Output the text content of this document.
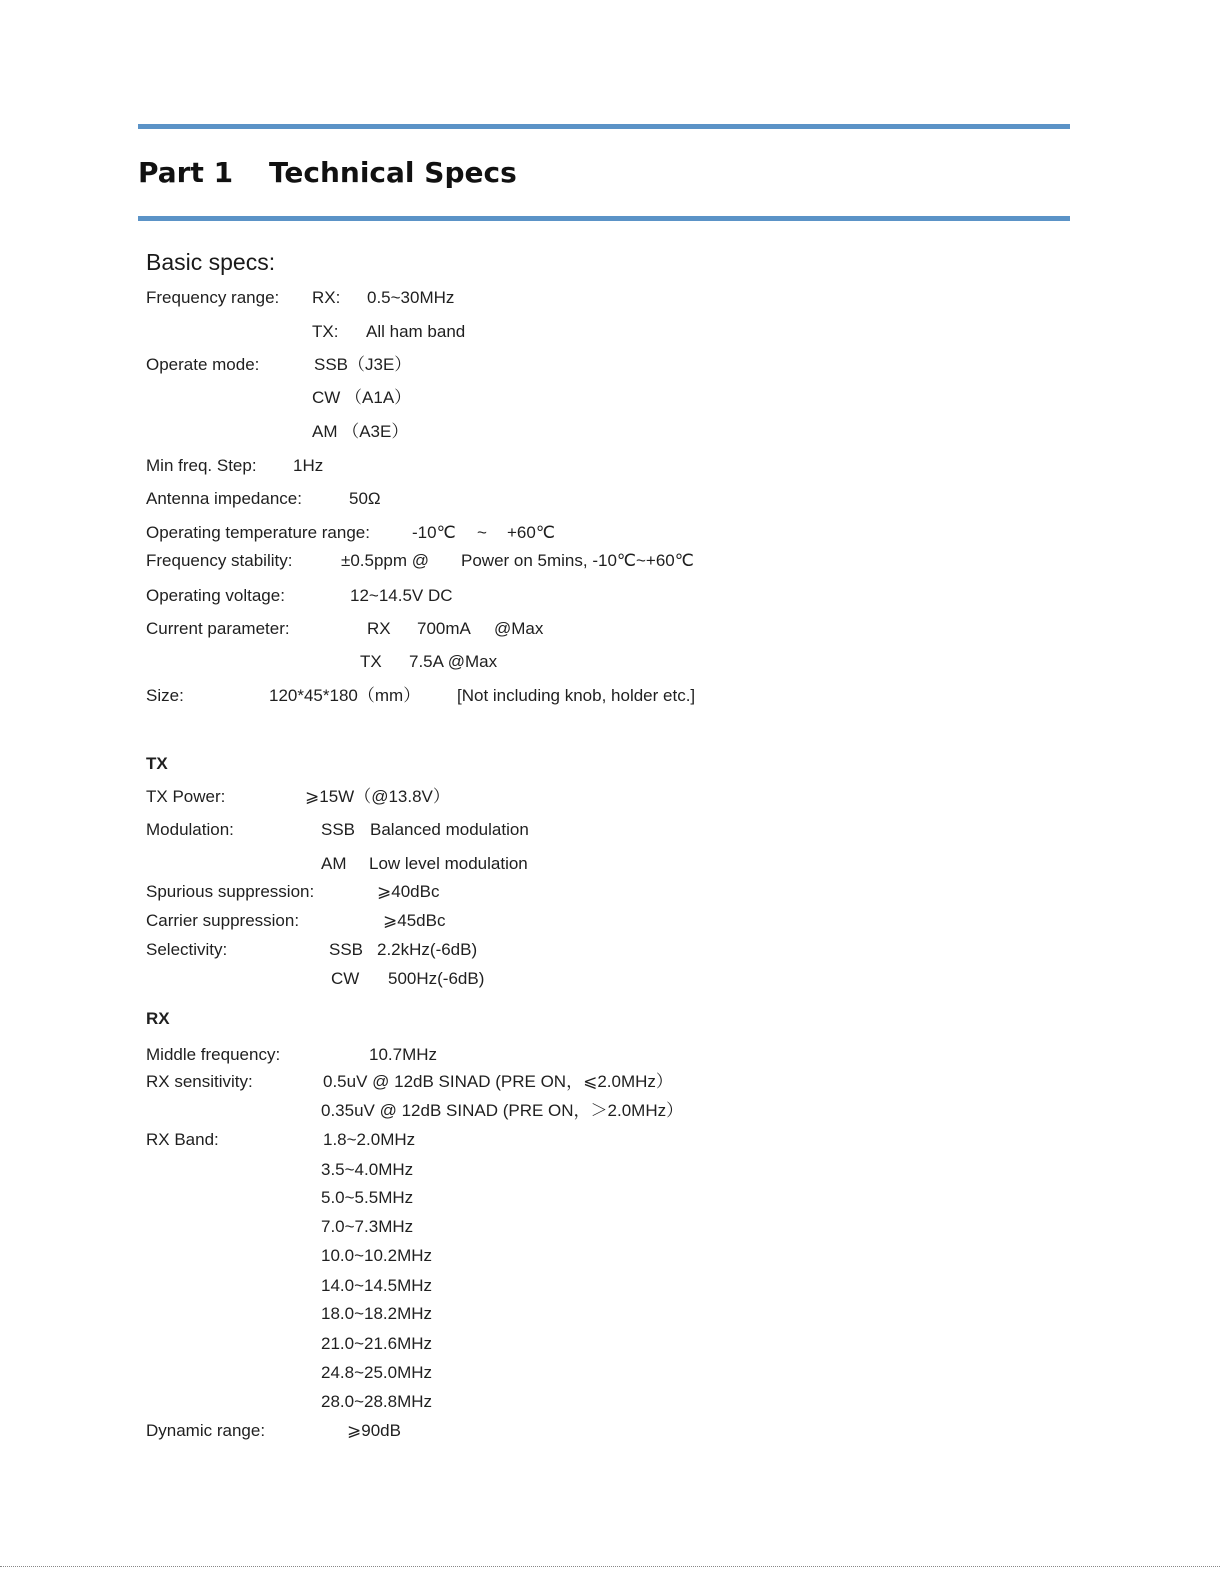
Part 1 Technical Specs
Basic specs:
Frequency range: RX: 0.5~30MHz
TX: All ham band
Operate mode:	SSB（J3E）
CW （A1A）
AM （A3E）
Min freq. Step: 1Hz
Antenna impedance:	50Ω
Operating temperature range: -10℃ ~ +60℃
Frequency stability:	±0.5ppm @ Power on 5mins, -10℃~+60℃
Operating voltage:	12~14.5V DC
Current parameter:	RX 700mA @Max
TX 7.5A @Max
Size:	120*45*180（mm） [Not including knob, holder etc.]
TX
TX Power:	⩾15W（@13.8V）
Modulation:	SSB Balanced modulation
AM Low level modulation
Spurious suppression:	⩾40dBc
Carrier suppression:	⩾45dBc
Selectivity:	SSB 2.2kHz(-6dB)
CW 500Hz(-6dB)
RX
Middle frequency:	10.7MHz
RX sensitivity:	0.5uV @ 12dB SINAD (PRE ON，⩽2.0MHz）
0.35uV @ 12dB SINAD (PRE ON，＞2.0MHz）
RX Band:	1.8~2.0MHz
3.5~4.0MHz
5.0~5.5MHz
7.0~7.3MHz
10.0~10.2MHz
14.0~14.5MHz
18.0~18.2MHz
21.0~21.6MHz
24.8~25.0MHz
28.0~28.8MHz
Dynamic range:	⩾90dB
